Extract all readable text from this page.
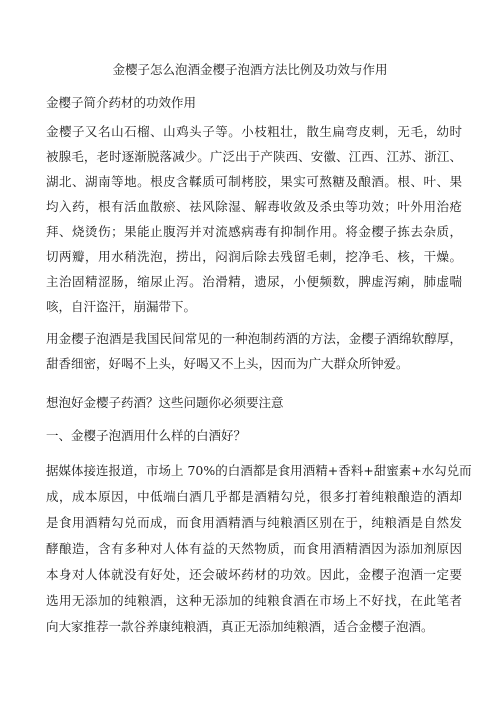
金樱子怎么泡酒金樱子泡酒方法比例及功效与作用
金樱子简介药材的功效作用
金樱子又名山石榴、山鸡头子等。小枝粗壮，散生扁弯皮刺，无毛，幼时
被腺毛，老时逐渐脱落减少。广泛出于产陕西、安徽、江西、江苏、浙江、
湖北、湖南等地。根皮含鞣质可制栲胶，果实可熬糖及酿酒。根、叶、果
均入药，根有活血散瘀、祛风除湿、解毒收敛及杀虫等功效；叶外用治疮
拜、烧烫伤；果能止腹泻并对流感病毒有抑制作用。将金樱子拣去杂质，
切两瓣，用水稍洗泡，捞出，闷润后除去残留毛刺，挖净毛、核，干燥。
主治固精涩肠，缩尿止泻。治滑精，遗尿，小便频数，脾虚泻痢，肺虚喘
咳，自汗盗汗，崩漏带下。
用金樱子泡酒是我国民间常见的一种泡制药酒的方法，金樱子酒绵软醇厚，
甜香细密，好喝不上头，好喝又不上头，因而为广大群众所钟爱。
想泡好金樱子药酒？这些问题你必须要注意
一、金樱子泡酒用什么样的白酒好？
据媒体接连报道，市场上 70%的白酒都是食用酒精+香料+甜蜜素+水勾兑而
成，成本原因，中低端白酒几乎都是酒精勾兑，很多打着纯粮酿造的酒却
是食用酒精勾兑而成，而食用酒精酒与纯粮酒区别在于，纯粮酒是自然发
酵酿造，含有多种对人体有益的天然物质，而食用酒精酒因为添加剂原因
本身对人体就没有好处，还会破坏药材的功效。因此，金樱子泡酒一定要
选用无添加的纯粮酒，这种无添加的纯粮食酒在市场上不好找，在此笔者
向大家推荐一款谷养康纯粮酒，真正无添加纯粮酒，适合金樱子泡酒。
